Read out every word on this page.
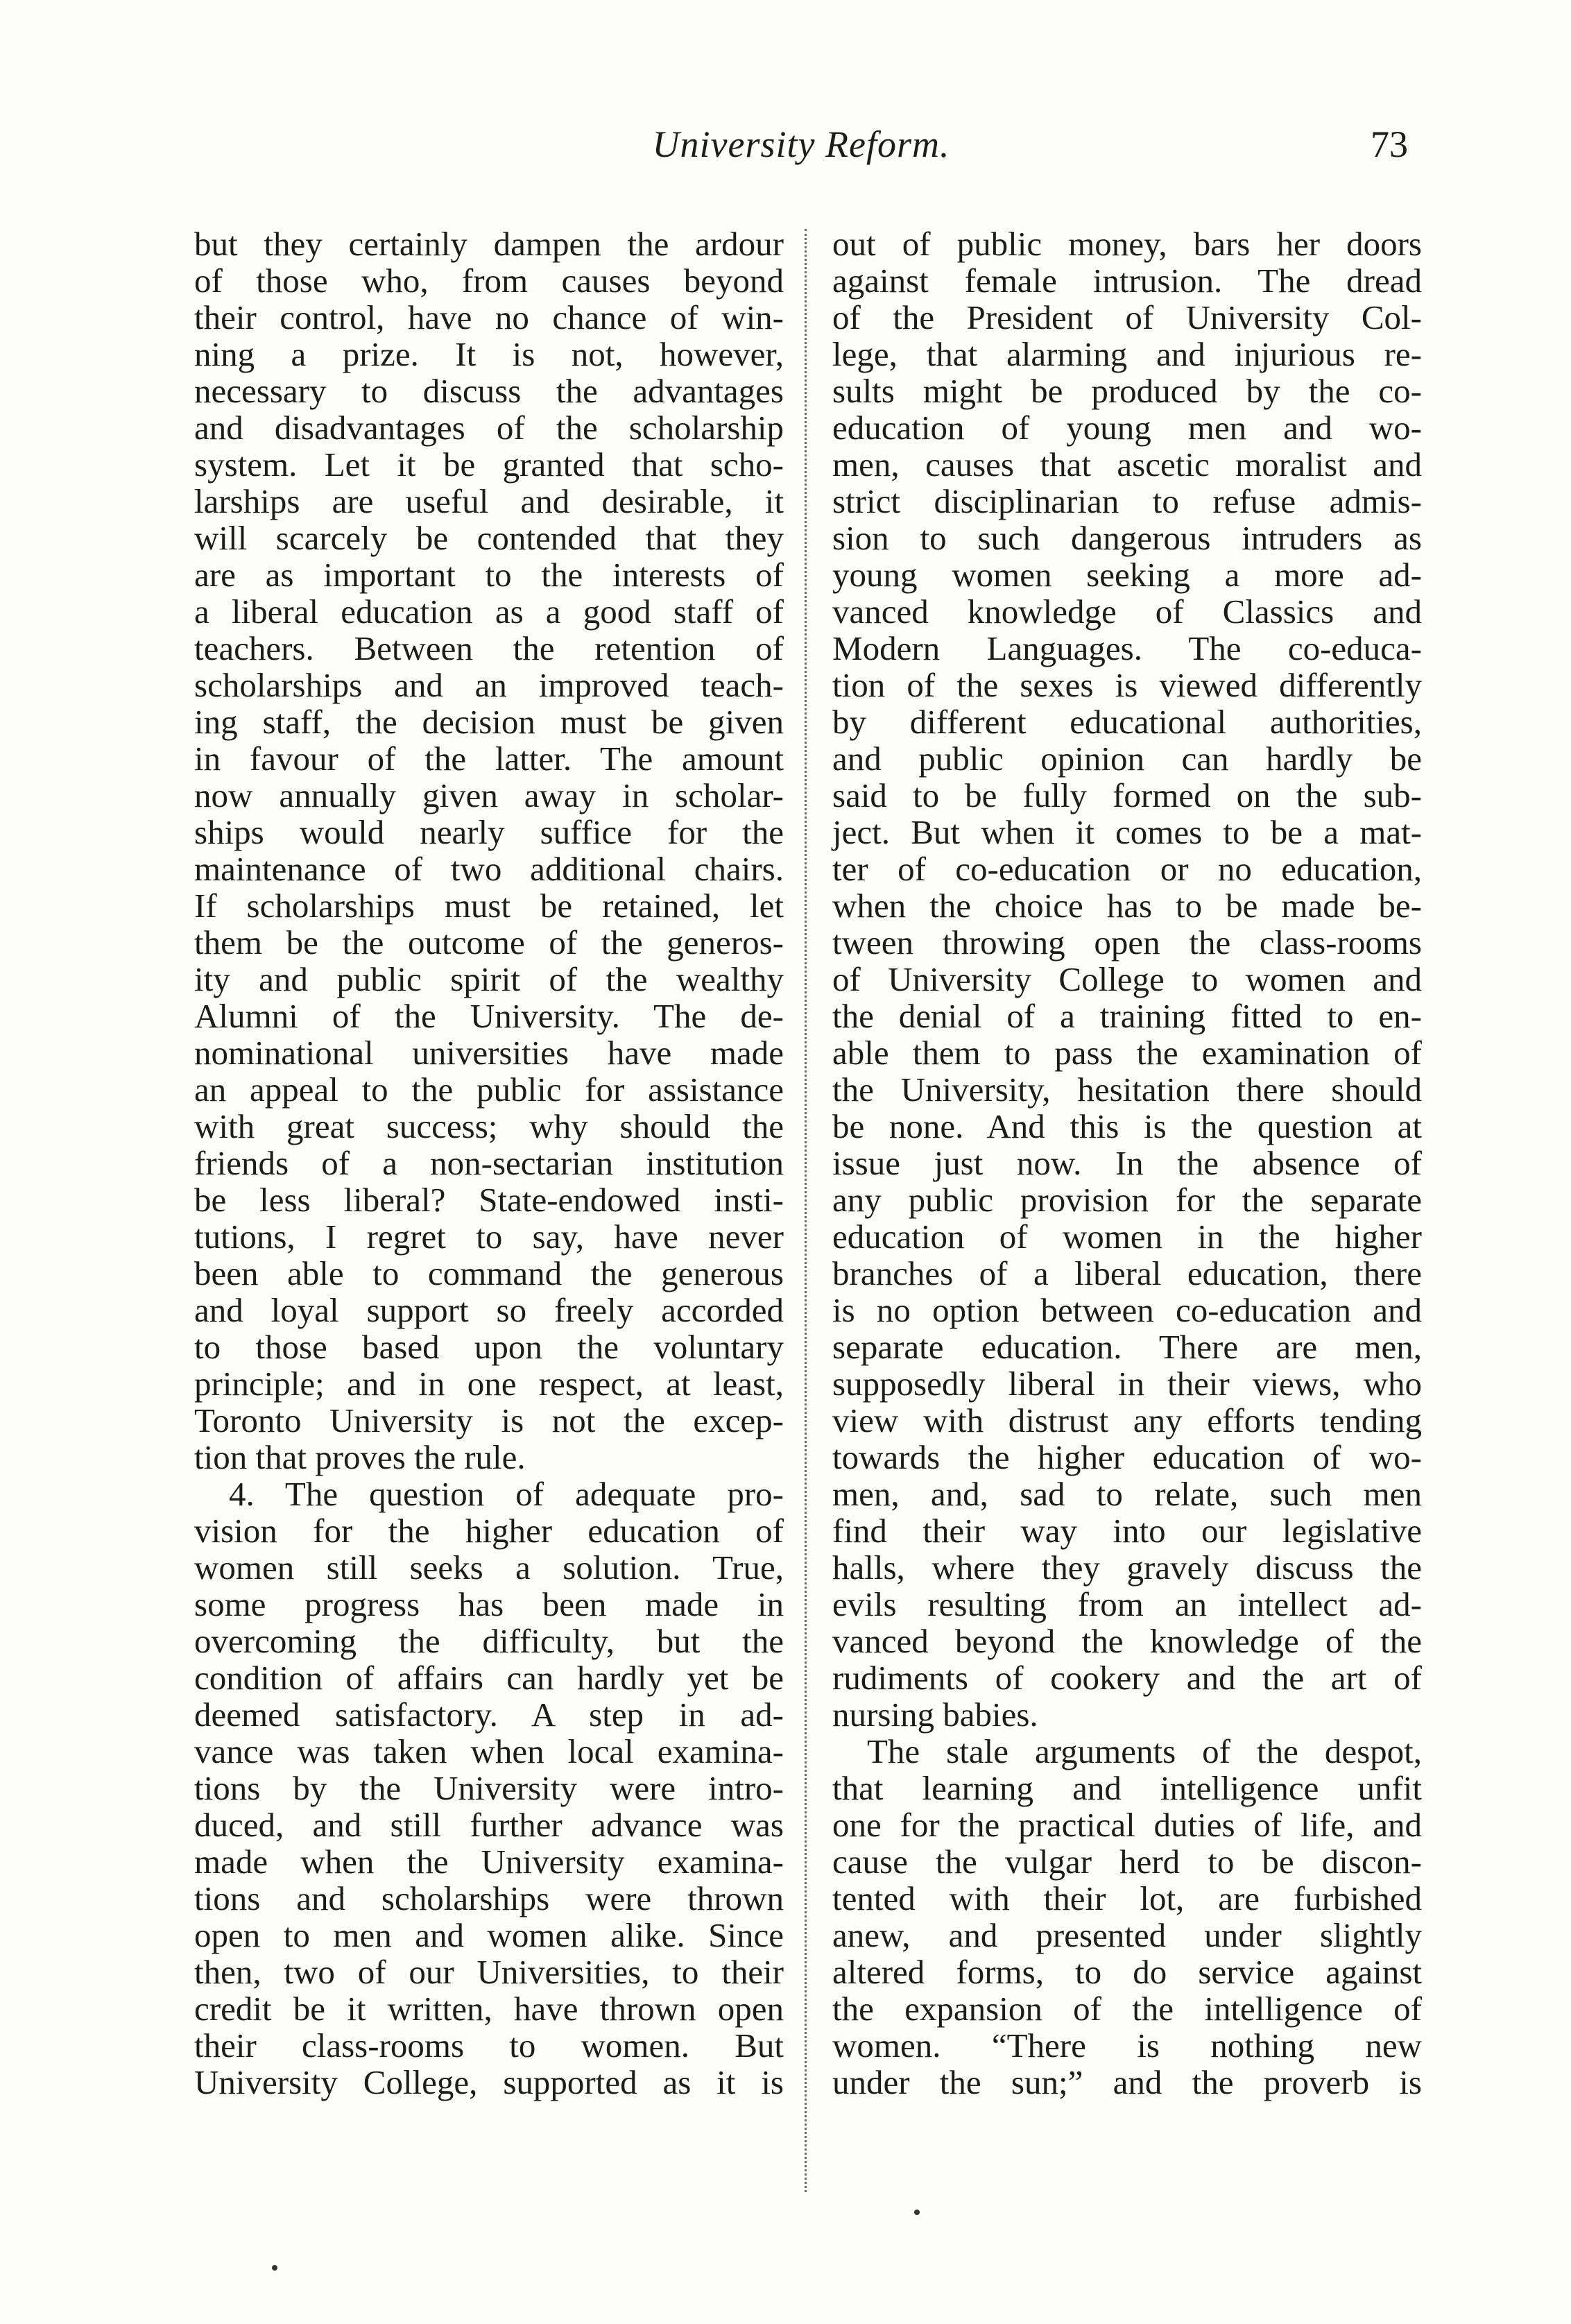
University Reform.	73
but they certainly dampen the ardour
of those who, from causes beyond
their control, have no chance of win-
ning a prize. It is not, however,
necessary to discuss the advantages
and disadvantages of the scholarship
system. Let it be granted that scho-
larships are useful and desirable, it
will scarcely be contended that they
are as important to the interests of
a liberal education as a good staff of
teachers. Between the retention of
scholarships and an improved teach-
ing staff, the decision must be given
in favour of the latter. The amount
now annually given away in scholar-
ships would nearly suffice for the
maintenance of two additional chairs.
If scholarships must be retained, let
them be the outcome of the generos-
ity and public spirit of the wealthy
Alumni of the University. The de-
nominational universities have made
an appeal to the public for assistance
with great success; why should the
friends of a non-sectarian institution
be less liberal? State-endowed insti-
tutions, I regret to say, have never
been able to command the generous
and loyal support so freely accorded
to those based upon the voluntary
principle; and in one respect, at least,
Toronto University is not the excep-
tion that proves the rule.
4. The question of adequate pro-
vision for the higher education of
women still seeks a solution. True,
some progress has been made in
overcoming the difficulty, but the
condition of affairs can hardly yet be
deemed satisfactory. A step in ad-
vance was taken when local examina-
tions by the University were intro-
duced, and still further advance was
made when the University examina-
tions and scholarships were thrown
open to men and women alike. Since
then, two of our Universities, to their
credit be it written, have thrown open
their class-rooms to women. But
University College, supported as it is
out of public money, bars her doors
against female intrusion. The dread
of the President of University Col-
lege, that alarming and injurious re-
sults might be produced by the co-
education of young men and wo-
men, causes that ascetic moralist and
strict disciplinarian to refuse admis-
sion to such dangerous intruders as
young women seeking a more ad-
vanced knowledge of Classics and
Modern Languages. The co-educa-
tion of the sexes is viewed differently
by different educational authorities,
and public opinion can hardly be
said to be fully formed on the sub-
ject. But when it comes to be a mat-
ter of co-education or no education,
when the choice has to be made be-
tween throwing open the class-rooms
of University College to women and
the denial of a training fitted to en-
able them to pass the examination of
the University, hesitation there should
be none. And this is the question at
issue just now. In the absence of
any public provision for the separate
education of women in the higher
branches of a liberal education, there
is no option between co-education and
separate education. There are men,
supposedly liberal in their views, who
view with distrust any efforts tending
towards the higher education of wo-
men, and, sad to relate, such men
find their way into our legislative
halls, where they gravely discuss the
evils resulting from an intellect ad-
vanced beyond the knowledge of the
rudiments of cookery and the art of
nursing babies.
The stale arguments of the despot,
that learning and intelligence unfit
one for the practical duties of life, and
cause the vulgar herd to be discon-
tented with their lot, are furbished
anew, and presented under slightly
altered forms, to do service against
the expansion of the intelligence of
women. “There is nothing new
under the sun;” and the proverb is
